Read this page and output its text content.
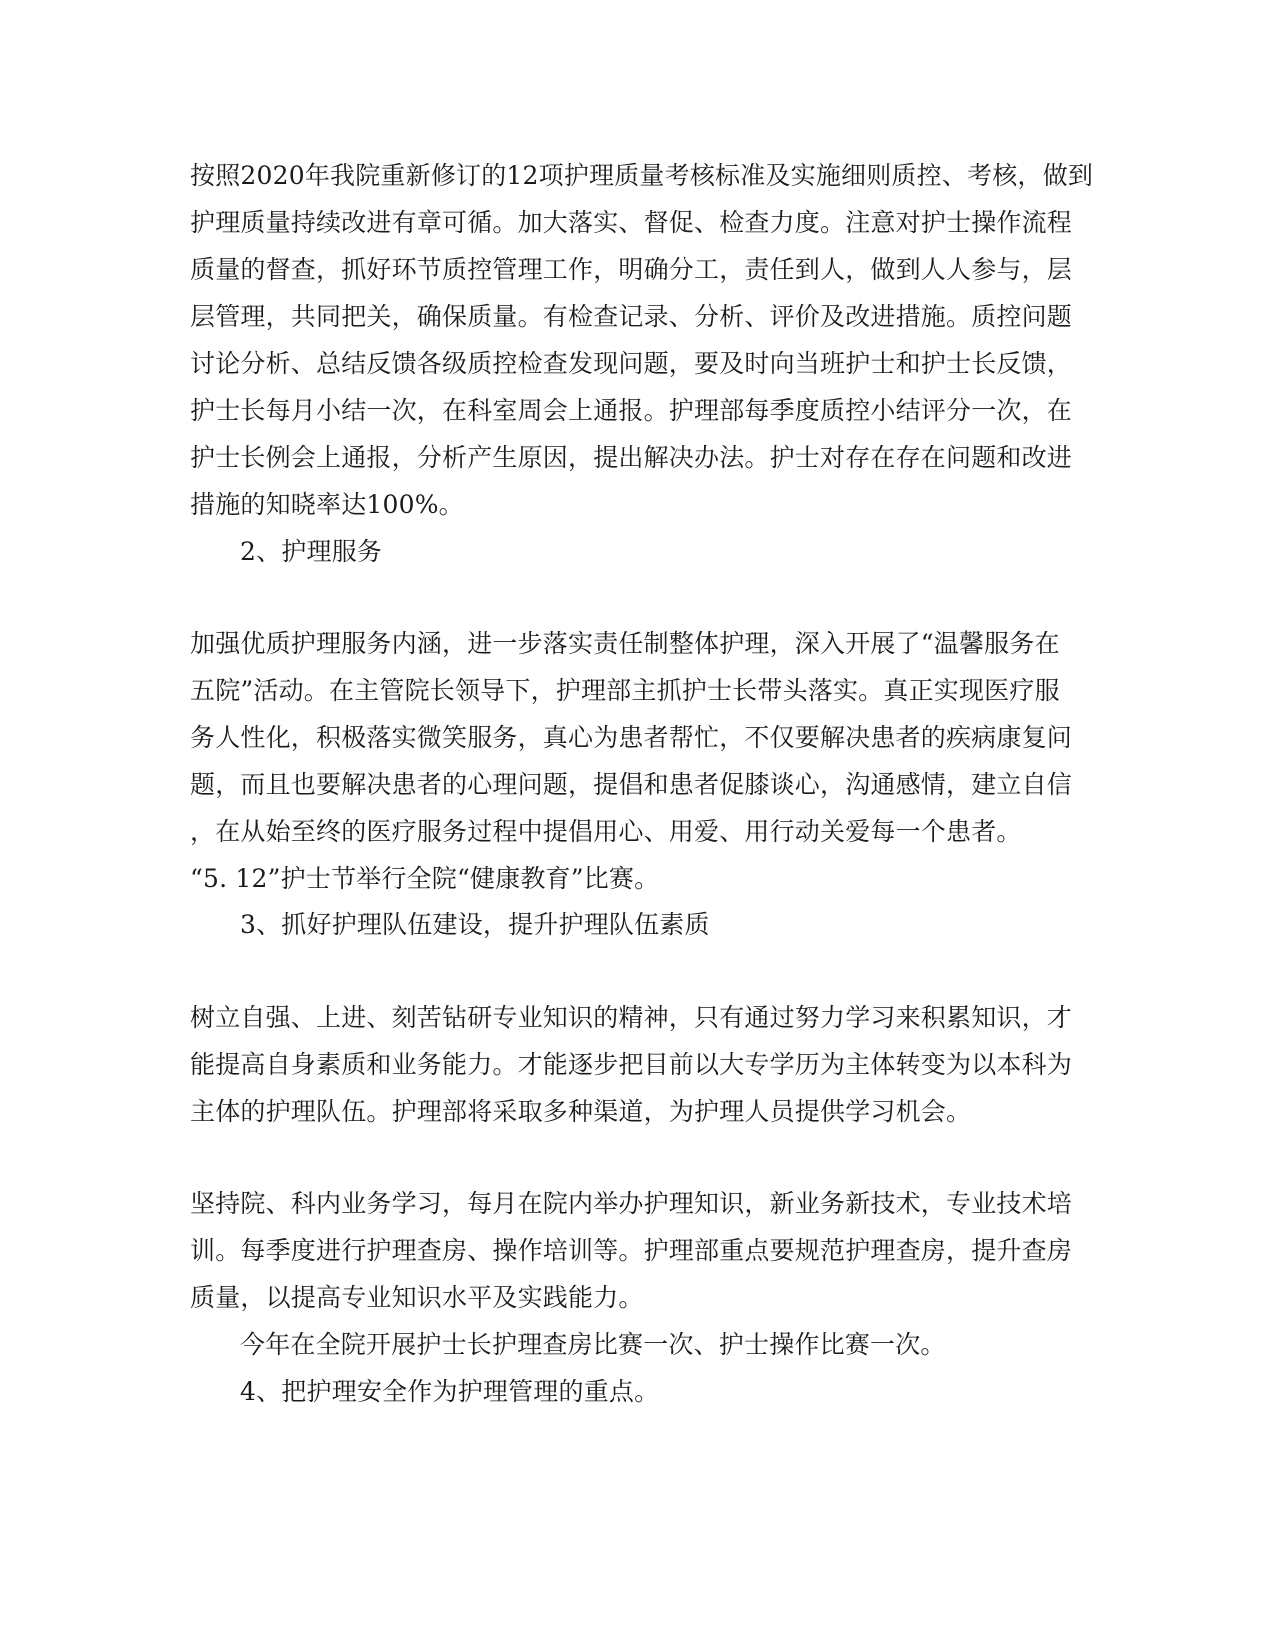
按照2020年我院重新修订的12项护理质量考核标准及实施细则质控、考核，做到

护理质量持续改进有章可循。加大落实、督促、检查力度。注意对护士操作流程

质量的督查，抓好环节质控管理工作，明确分工，责任到人，做到人人参与，层

层管理，共同把关，确保质量。有检查记录、分析、评价及改进措施。质控问题

讨论分析、总结反馈各级质控检查发现问题，要及时向当班护士和护士长反馈，

护士长每月小结一次，在科室周会上通报。护理部每季度质控小结评分一次，在

护士长例会上通报，分析产生原因，提出解决办法。护士对存在存在问题和改进

措施的知晓率达100%。

2、护理服务

加强优质护理服务内涵，进一步落实责任制整体护理，深入开展了“温馨服务在

五院”活动。在主管院长领导下，护理部主抓护士长带头落实。真正实现医疗服

务人性化，积极落实微笑服务，真心为患者帮忙，不仅要解决患者的疾病康复问

题，而且也要解决患者的心理问题，提倡和患者促膝谈心，沟通感情，建立自信

，在从始至终的医疗服务过程中提倡用心、用爱、用行动关爱每一个患者。

“5. 12”护士节举行全院“健康教育”比赛。

3、抓好护理队伍建设，提升护理队伍素质

树立自强、上进、刻苦钻研专业知识的精神，只有通过努力学习来积累知识，才

能提高自身素质和业务能力。才能逐步把目前以大专学历为主体转变为以本科为

主体的护理队伍。护理部将采取多种渠道，为护理人员提供学习机会。

坚持院、科内业务学习，每月在院内举办护理知识，新业务新技术，专业技术培

训。每季度进行护理查房、操作培训等。护理部重点要规范护理查房，提升查房

质量，以提高专业知识水平及实践能力。

今年在全院开展护士长护理查房比赛一次、护士操作比赛一次。

4、把护理安全作为护理管理的重点。
